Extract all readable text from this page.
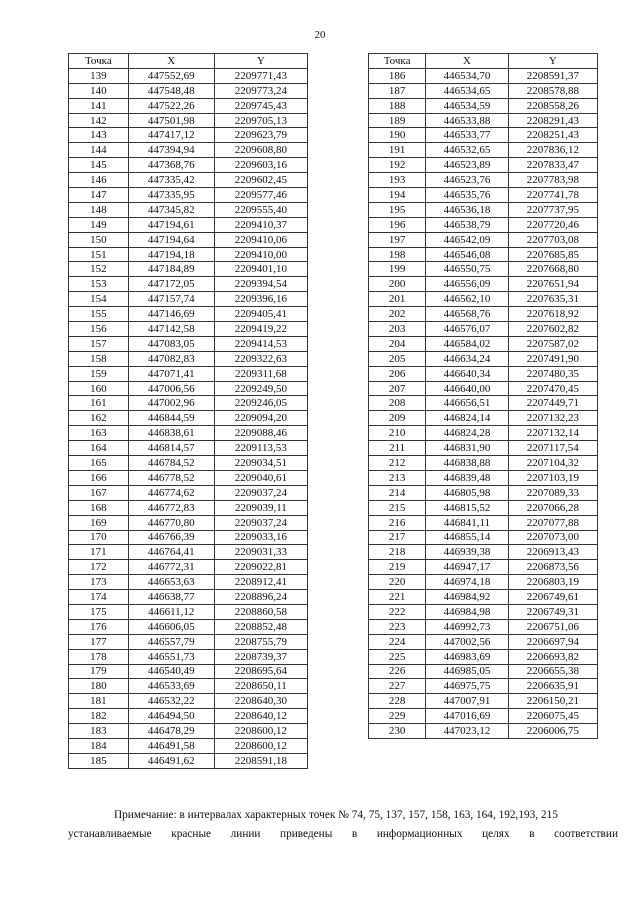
20
Точка	X	Y
139	447552,69	2209771,43
140	447548,48	2209773,24
141	447522,26	2209745,43
142	447501,98	2209705,13
143	447417,12	2209623,79
144	447394,94	2209608,80
145	447368,76	2209603,16
146	447335,42	2209602,45
147	447335,95	2209577,46
148	447345,82	2209555,40
149	447194,61	2209410,37
150	447194,64	2209410,06
151	447194,18	2209410,00
152	447184,89	2209401,10
153	447172,05	2209394,54
154	447157,74	2209396,16
155	447146,69	2209405,41
156	447142,58	2209419,22
157	447083,05	2209414,53
158	447082,83	2209322,63
159	447071,41	2209311,68
160	447006,56	2209249,50
161	447002,96	2209246,05
162	446844,59	2209094,20
163	446838,61	2209088,46
164	446814,57	2209113,53
165	446784,52	2209034,51
166	446778,52	2209040,61
167	446774,62	2209037,24
168	446772,83	2209039,11
169	446770,80	2209037,24
170	446766,39	2209033,16
171	446764,41	2209031,33
172	446772,31	2209022,81
173	446653,63	2208912,41
174	446638,77	2208896,24
175	446611,12	2208860,58
176	446606,05	2208852,48
177	446557,79	2208755,79
178	446551,73	2208739,37
179	446540,49	2208695,64
180	446533,69	2208650,11
181	446532,22	2208640,30
182	446494,50	2208640,12
183	446478,29	2208600,12
184	446491,58	2208600,12
185	446491,62	2208591,18
Точка	X	Y
186	446534,70	2208591,37
187	446534,65	2208578,88
188	446534,59	2208558,26
189	446533,88	2208291,43
190	446533,77	2208251,43
191	446532,65	2207836,12
192	446523,89	2207833,47
193	446523,76	2207783,98
194	446535,76	2207741,78
195	446536,18	2207737,95
196	446538,79	2207720,46
197	446542,09	2207703,08
198	446546,08	2207685,85
199	446550,75	2207668,80
200	446556,09	2207651,94
201	446562,10	2207635,31
202	446568,76	2207618,92
203	446576,07	2207602,82
204	446584,02	2207587,02
205	446634,24	2207491,90
206	446640,34	2207480,35
207	446640,00	2207470,45
208	446656,51	2207449,71
209	446824,14	2207132,23
210	446824,28	2207132,14
211	446831,90	2207117,54
212	446838,88	2207104,32
213	446839,48	2207103,19
214	446805,98	2207089,33
215	446815,52	2207066,28
216	446841,11	2207077,88
217	446855,14	2207073,00
218	446939,38	2206913,43
219	446947,17	2206873,56
220	446974,18	2206803,19
221	446984,92	2206749,61
222	446984,98	2206749,31
223	446992,73	2206751,06
224	447002,56	2206697,94
225	446983,69	2206693,82
226	446985,05	2206655,38
227	446975,75	2206635,91
228	447007,91	2206150,21
229	447016,69	2206075,45
230	447023,12	2206006,75
Примечание: в интервалах характерных точек № 74, 75, 137, 157, 158, 163, 164, 192,193, 215
устанавливаемые красные линии приведены в информационных целях в соответствии
